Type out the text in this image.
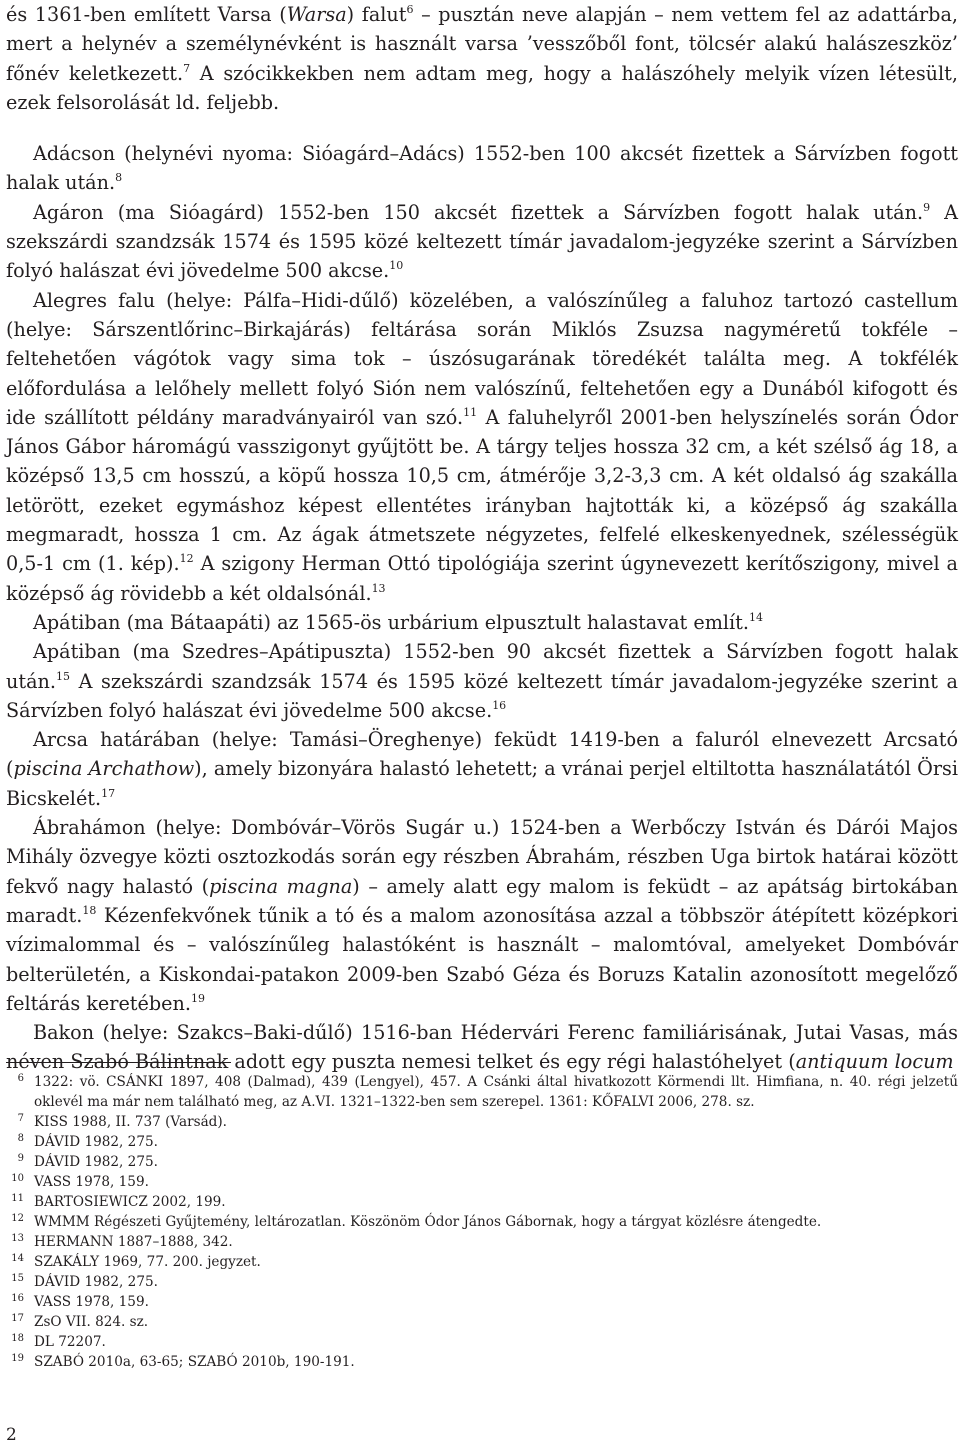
és 1361-ben említett Varsa (Warsa) falut$^6$ – pusztán neve alapján – nem vettem fel az adattárba, mert a helynév a személynévként is használt varsa ’vesszőből font, tölcsér alakú halászeszköz’ főnév keletkezett.$^7$ A szócikkekben nem adtam meg, hogy a halászóhely melyik vízen létesült, ezek felsorolását ld. feljebb.

Adácson (helynévi nyoma: Sióagárd–Adács) 1552-ben 100 akcsét fizettek a Sárvízben fogott halak után.$^8$

Agáron (ma Sióagárd) 1552-ben 150 akcsét fizettek a Sárvízben fogott halak után.$^9$ A szekszárdi szandzsák 1574 és 1595 közé keltezett tímár javadalom-jegyzéke szerint a Sárvízben folyó halászat évi jövedelme 500 akcse.$^{10}$

Alegres falu (helye: Pálfa–Hidi-dűlő) közelében, a valószínűleg a faluhoz tartozó castellum (helye: Sárszentlőrinc–Birkajárás) feltárása során Miklós Zsuzsa nagyméretű tokféle – feltehetően vágótok vagy sima tok – úszósugarának töredékét találta meg. A tokfélék előfordulása a lelőhely mellett folyó Sión nem valószínű, feltehetően egy a Dunából kifogott és ide szállított példány maradványairól van szó.$^{11}$ A faluhelyről 2001-ben helyszínelés során Ódor János Gábor háromágú vasszigonyt gyűjtött be. A tárgy teljes hossza 32 cm, a két szélső ág 18, a középső 13,5 cm hosszú, a köpű hossza 10,5 cm, átmérője 3,2-3,3 cm. A két oldalsó ág szakálla letörött, ezeket egymáshoz képest ellentétes irányban hajtották ki, a középső ág szakálla megmaradt, hossza 1 cm. Az ágak átmetszete négyzetes, felfelé elkeskenyednek, szélességük 0,5-1 cm (1. kép).$^{12}$ A szigony Herman Ottó tipológiája szerint úgynevezett kerítőszigony, mivel a középső ág rövidebb a két oldalsónál.$^{13}$

Apátiban (ma Bátaapáti) az 1565-ös urbárium elpusztult halastavat említ.$^{14}$

Apátiban (ma Szedres–Apátipuszta) 1552-ben 90 akcsét fizettek a Sárvízben fogott halak után.$^{15}$ A szekszárdi szandzsák 1574 és 1595 közé keltezett tímár javadalom-jegyzéke szerint a Sárvízben folyó halászat évi jövedelme 500 akcse.$^{16}$

Arcsa határában (helye: Tamási–Öreghenye) feküdt 1419-ben a faluról elnevezett Arcsató (piscina Archathow), amely bizonyára halastó lehetett; a vránai perjel eltiltotta használatától Örsi Bicskelét.$^{17}$

Ábrahámon (helye: Dombóvár–Vörös Sugár u.) 1524-ben a Werbőczy István és Dárói Majos Mihály özvegye közti osztozkodás során egy részben Ábrahám, részben Uga birtok határai között fekvő nagy halastó (piscina magna) – amely alatt egy malom is feküdt – az apátság birtokában maradt.$^{18}$ Kézenfekvőnek tűnik a tó és a malom azonosítása azzal a többször átépített középkori vízimalommal és – valószínűleg halastóként is használt – malomtóval, amelyeket Dombóvár belterületén, a Kiskondai-patakon 2009-ben Szabó Géza és Boruzs Katalin azonosított megelőző feltárás keretében.$^{19}$

Bakon (helye: Szakcs–Baki-dűlő) 1516-ban Hédervári Ferenc familiárisának, Jutai Vasas, más néven Szabó Bálintnak adott egy puszta nemesi telket és egy régi halastóhelyet (antiquum locum

6 1322: vö. CSÁNKI 1897, 408 (Dalmad), 439 (Lengyel), 457. A Csánki által hivatkozott Körmendi llt. Himfiana, n. 40. régi jelzetű oklevél ma már nem található meg, az A.VI. 1321–1322-ben sem szerepel. 1361: KŐFALVI 2006, 278. sz.
7 KISS 1988, II. 737 (Varsád).
8 DÁVID 1982, 275.
9 DÁVID 1982, 275.
10 VASS 1978, 159.
11 BARTOSIEWICZ 2002, 199.
12 WMMM Régészeti Gyűjtemény, leltározatlan. Köszönöm Ódor János Gábornak, hogy a tárgyat közlésre átengedte.
13 HERMANN 1887–1888, 342.
14 SZAKÁLY 1969, 77. 200. jegyzet.
15 DÁVID 1982, 275.
16 VASS 1978, 159.
17 ZsO VII. 824. sz.
18 DL 72207.
19 SZABÓ 2010a, 63-65; SZABÓ 2010b, 190-191.
2
